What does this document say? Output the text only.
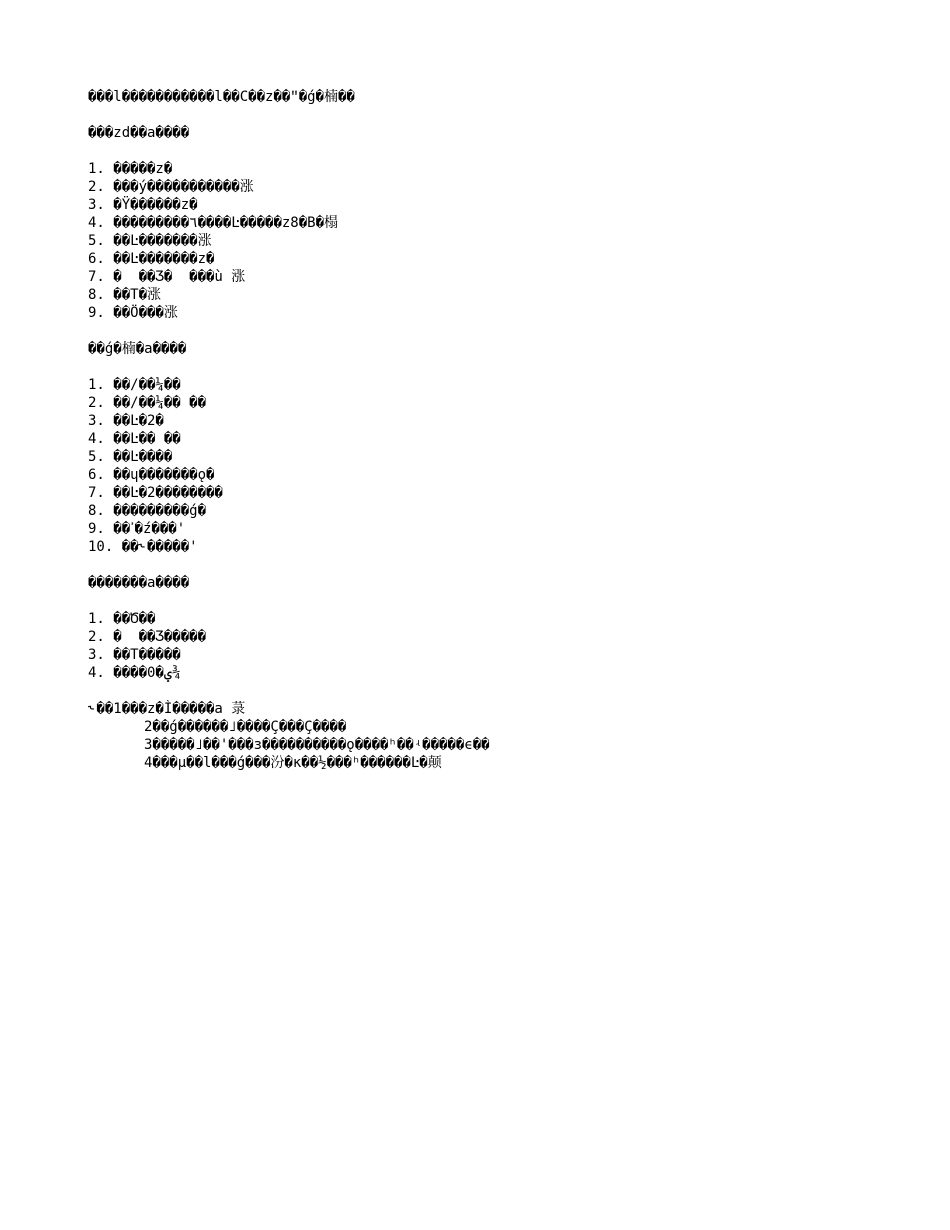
���l�����������l��C��z��ʺ�ǵ�楠��
���zd��a����
1. �����z�
2. ���ý�����������涨
3. �Ÿ������z�
4. ���������٦����Ŀ�����z8�B�榻
5. ��Ŀ�������涨
6. ��Ŀ�������z�
7. �  ��Ʒ�  ���ù 涨
8. ��T�涨
9. ��Ȫ���涨
��ǵ�楠�a����
1. ��/��¼��
2. ��/��¼�� ��
3. ��Ŀ�2�
4. ��Ŀ�� ��
5. ��Ŀ����
6. ��ɥ�������ǫ�
7. ��Ŀ�2��������
8. ���������ǵ�
9. ��ߴ�ź���'
10. ��˞�����'
�������a����
1. ��Ծ��
2. �  ��Ʒ�����
3. ��T�����
4. ����0�ؠ¾
˞��1���z�Ì�����a 菉
2��ǵ������˩����Ç���Ç����
3�����˩��'���ɜ����������ǫ����ʰ��ʵ�����ϵ��
4���µ��l���ǵ���汾�к��½���ʰ������Ŀ�颠
